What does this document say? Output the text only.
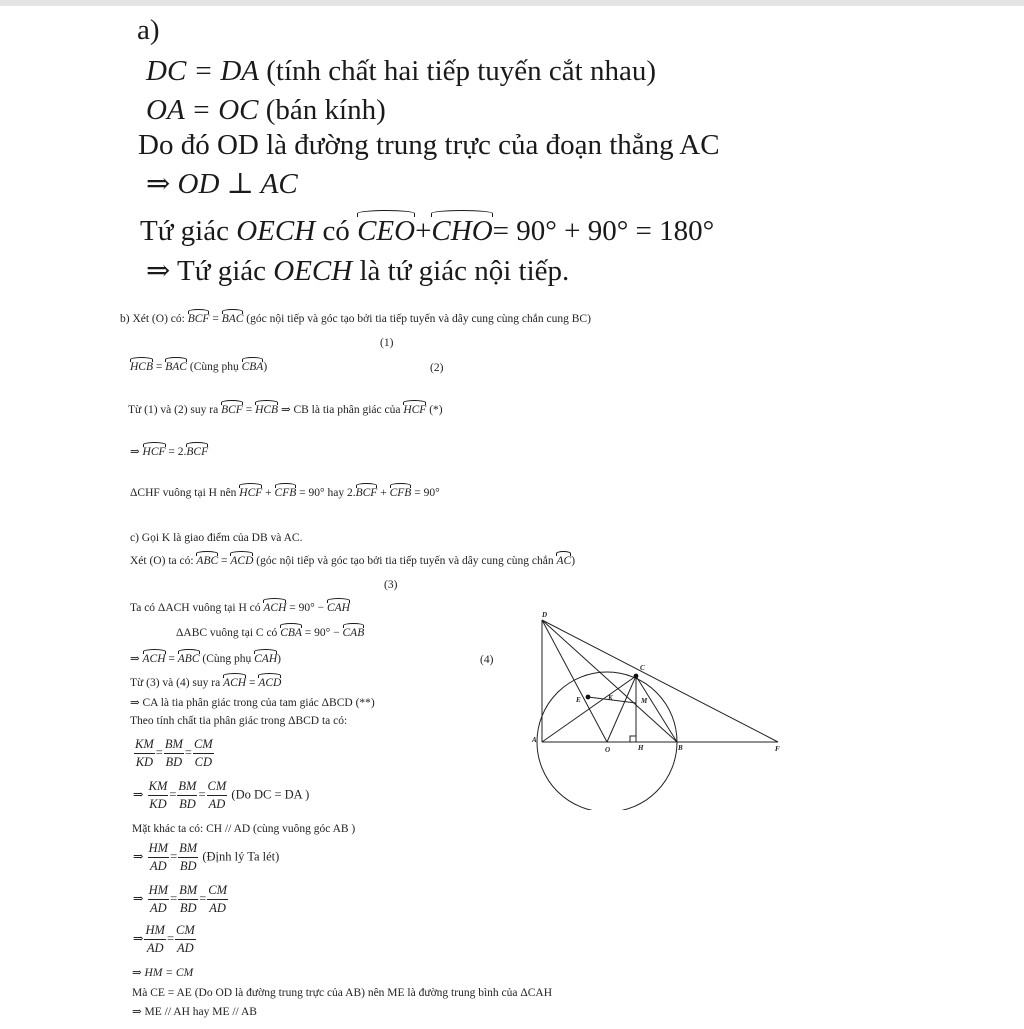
a)
DC = DA (tính chất hai tiếp tuyến cắt nhau)
OA = OC (bán kính)
Do đó OD là đường trung trực của đoạn thẳng AC
⇒ OD ⊥ AC
Tứ giác OECH có CEO+CHO= 90° + 90° = 180°
⇒ Tứ giác OECH là tứ giác nội tiếp.
b) Xét (O) có: BCF = BAC (góc nội tiếp và góc tạo bởi tia tiếp tuyến và dây cung cùng chắn cung BC)
(1)
HCB = BAC (Cùng phụ CBA)	(2)
Từ (1) và (2) suy ra BCF = HCB ⇒ CB là tia phân giác của HCF (*)
⇒ HCF = 2.BCF
ΔCHF vuông tại H nên HCF + CFB = 90° hay 2.BCF + CFB = 90°
c) Gọi K là giao điểm của DB và AC.
Xét (O) ta có: ABC = ACD (góc nội tiếp và góc tạo bởi tia tiếp tuyến và dây cung cùng chắn AC)
(3)
Ta có ΔACH vuông tại H có ACH = 90° − CAH
ΔABC vuông tại C có CBA = 90° − CAB
⇒ ACH = ABC (Cùng phụ CAH)	(4)
Từ (3) và (4) suy ra ACH = ACD
⇒ CA là tia phân giác trong của tam giác ΔBCD (**)
Theo tính chất tia phân giác trong ΔBCD ta có:
$\frac{KM}{KD} = \frac{BM}{BD} = \frac{CM}{CD}$
⇒ $\frac{KM}{KD} = \frac{BM}{BD} = \frac{CM}{AD} (Do$ DC = DA )
Mặt khác ta có: CH // AD (cùng vuông góc AB )
⇒ $\frac{HM}{AD} = \frac{BM}{BD}$ (Định lý Ta lét)
⇒ $\frac{HM}{AD} = \frac{BM}{BD} = \frac{CM}{AD}$
⇒ $\frac{HM}{AD} = \frac{CM}{AD}$
⇒ HM = CM
Mà CE = AE (Do OD là đường trung trực của AB) nên ME là đường trung bình của ΔCAH
⇒ ME // AH hay ME // AB
D
C
E	K	M
A
O	H	B	F
